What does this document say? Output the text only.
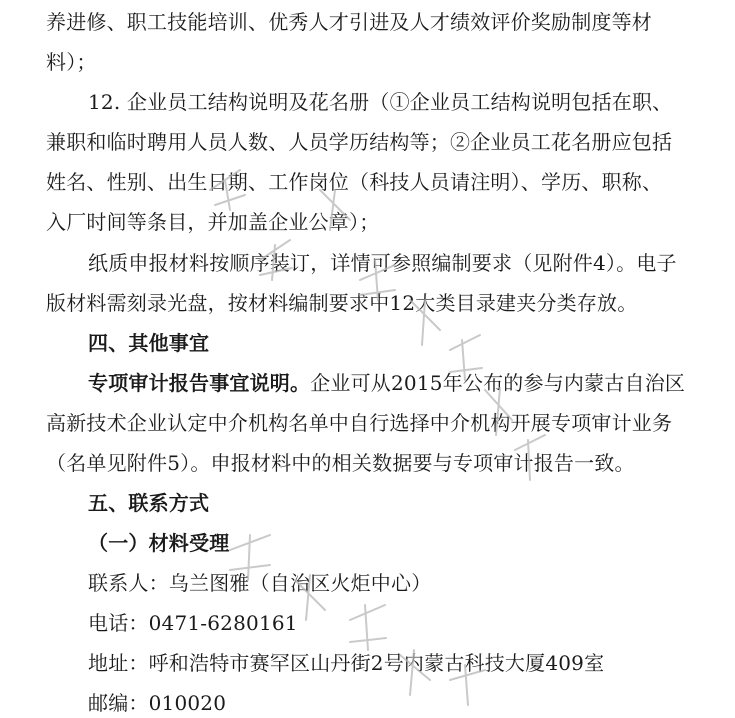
养进修、职工技能培训、优秀人才引进及人才绩效评价奖励制度等材
料）；
12. 企业员工结构说明及花名册（①企业员工结构说明包括在职、
兼职和临时聘用人员人数、人员学历结构等；②企业员工花名册应包括
姓名、性别、出生日期、工作岗位（科技人员请注明）、学历、职称、
入厂时间等条目，并加盖企业公章）；
纸质申报材料按顺序装订，详情可参照编制要求（见附件4）。电子
版材料需刻录光盘，按材料编制要求中12大类目录建夹分类存放。
四、其他事宜
专项审计报告事宜说明。企业可从2015年公布的参与内蒙古自治区
高新技术企业认定中介机构名单中自行选择中介机构开展专项审计业务
（名单见附件5）。申报材料中的相关数据要与专项审计报告一致。
五、联系方式
（一）材料受理
联系人：乌兰图雅（自治区火炬中心）
电话：0471-6280161
地址：呼和浩特市赛罕区山丹街2号内蒙古科技大厦409室
邮编：010020
